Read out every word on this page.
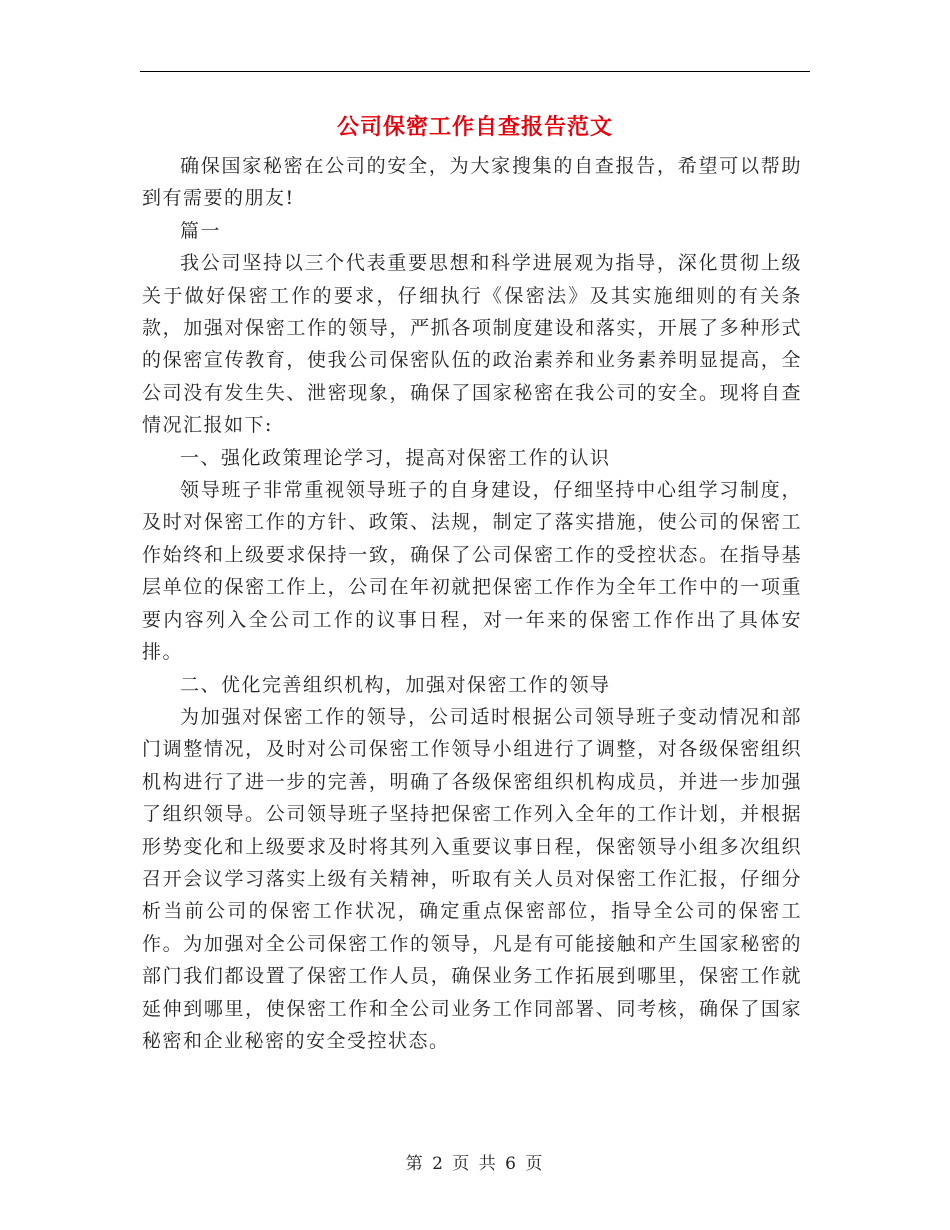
公司保密工作自查报告范文

确保国家秘密在公司的安全，为大家搜集的自查报告，希望可以帮助到有需要的朋友!

篇一

我公司坚持以三个代表重要思想和科学进展观为指导，深化贯彻上级关于做好保密工作的要求，仔细执行《保密法》及其实施细则的有关条款，加强对保密工作的领导，严抓各项制度建设和落实，开展了多种形式的保密宣传教育，使我公司保密队伍的政治素养和业务素养明显提高，全公司没有发生失、泄密现象，确保了国家秘密在我公司的安全。现将自查情况汇报如下:

一、强化政策理论学习，提高对保密工作的认识

领导班子非常重视领导班子的自身建设，仔细坚持中心组学习制度，及时对保密工作的方针、政策、法规，制定了落实措施，使公司的保密工作始终和上级要求保持一致，确保了公司保密工作的受控状态。在指导基层单位的保密工作上，公司在年初就把保密工作作为全年工作中的一项重要内容列入全公司工作的议事日程，对一年来的保密工作作出了具体安排。

二、优化完善组织机构，加强对保密工作的领导

为加强对保密工作的领导，公司适时根据公司领导班子变动情况和部门调整情况，及时对公司保密工作领导小组进行了调整，对各级保密组织机构进行了进一步的完善，明确了各级保密组织机构成员，并进一步加强了组织领导。公司领导班子坚持把保密工作列入全年的工作计划，并根据形势变化和上级要求及时将其列入重要议事日程，保密领导小组多次组织召开会议学习落实上级有关精神，听取有关人员对保密工作汇报，仔细分析当前公司的保密工作状况，确定重点保密部位，指导全公司的保密工作。为加强对全公司保密工作的领导，凡是有可能接触和产生国家秘密的部门我们都设置了保密工作人员，确保业务工作拓展到哪里，保密工作就延伸到哪里，使保密工作和全公司业务工作同部署、同考核，确保了国家秘密和企业秘密的安全受控状态。

第 2 页 共 6 页
